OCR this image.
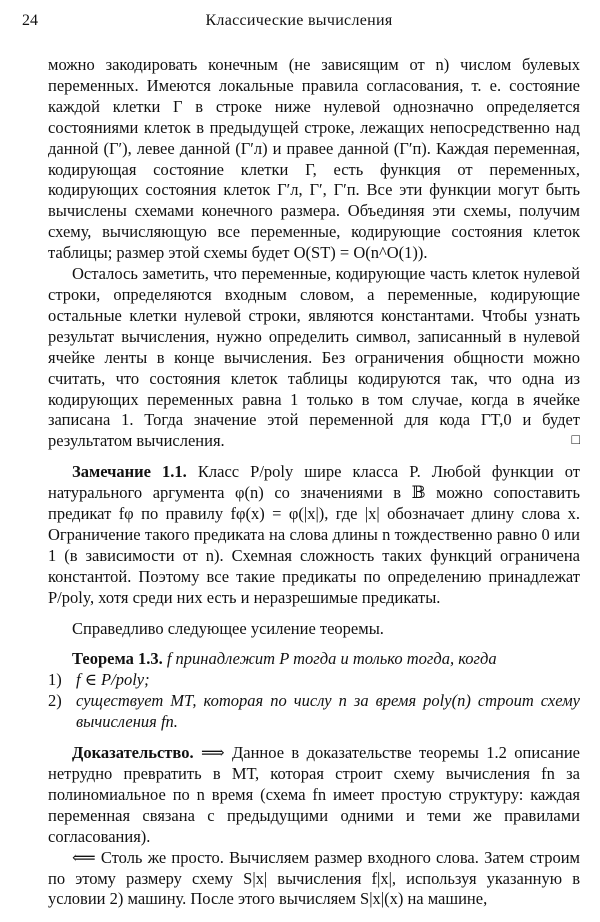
24	Классические вычисления

можно закодировать конечным (не зависящим от n) числом булевых переменных. Имеются локальные правила согласования, т. е. состояние каждой клетки Γ в строке ниже нулевой однозначно определяется состояниями клеток в предыдущей строке, лежащих непосредственно над данной (Γ′), левее данной (Γ′л) и правее данной (Γ′п). Каждая переменная, кодирующая состояние клетки Γ, есть функция от переменных, кодирующих состояния клеток Γ′л, Γ′, Γ′п. Все эти функции могут быть вычислены схемами конечного размера. Объединяя эти схемы, получим схему, вычисляющую все переменные, кодирующие состояния клеток таблицы; размер этой схемы будет O(ST) = O(n^O(1)).

Осталось заметить, что переменные, кодирующие часть клеток нулевой строки, определяются входным словом, а переменные, кодирующие остальные клетки нулевой строки, являются константами. Чтобы узнать результат вычисления, нужно определить символ, записанный в нулевой ячейке ленты в конце вычисления. Без ограничения общности можно считать, что состояния клеток таблицы кодируются так, что одна из кодирующих переменных равна 1 только в том случае, когда в ячейке записана 1. Тогда значение этой переменной для кода ΓT,0 и будет результатом вычисления.	□

Замечание 1.1. Класс P/poly шире класса P. Любой функции от натурального аргумента φ(n) со значениями в 𝔹 можно сопоставить предикат fφ по правилу fφ(x) = φ(|x|), где |x| обозначает длину слова x. Ограничение такого предиката на слова длины n тождественно равно 0 или 1 (в зависимости от n). Схемная сложность таких функций ограничена константой. Поэтому все такие предикаты по определению принадлежат P/poly, хотя среди них есть и неразрешимые предикаты.

Справедливо следующее усиление теоремы.

Теорема 1.3. f принадлежит P тогда и только тогда, когда

1) f ∈ P/poly;
2) существует МТ, которая по числу n за время poly(n) строит схему вычисления fn.

Доказательство. ⟹ Данное в доказательстве теоремы 1.2 описание нетрудно превратить в МТ, которая строит схему вычисления fn за полиномиальное по n время (схема fn имеет простую структуру: каждая переменная связана с предыдущими одними и теми же правилами согласования).

⟸ Столь же просто. Вычисляем размер входного слова. Затем строим по этому размеру схему S|x| вычисления f|x|, используя указанную в условии 2) машину. После этого вычисляем S|x|(x) на машине,
